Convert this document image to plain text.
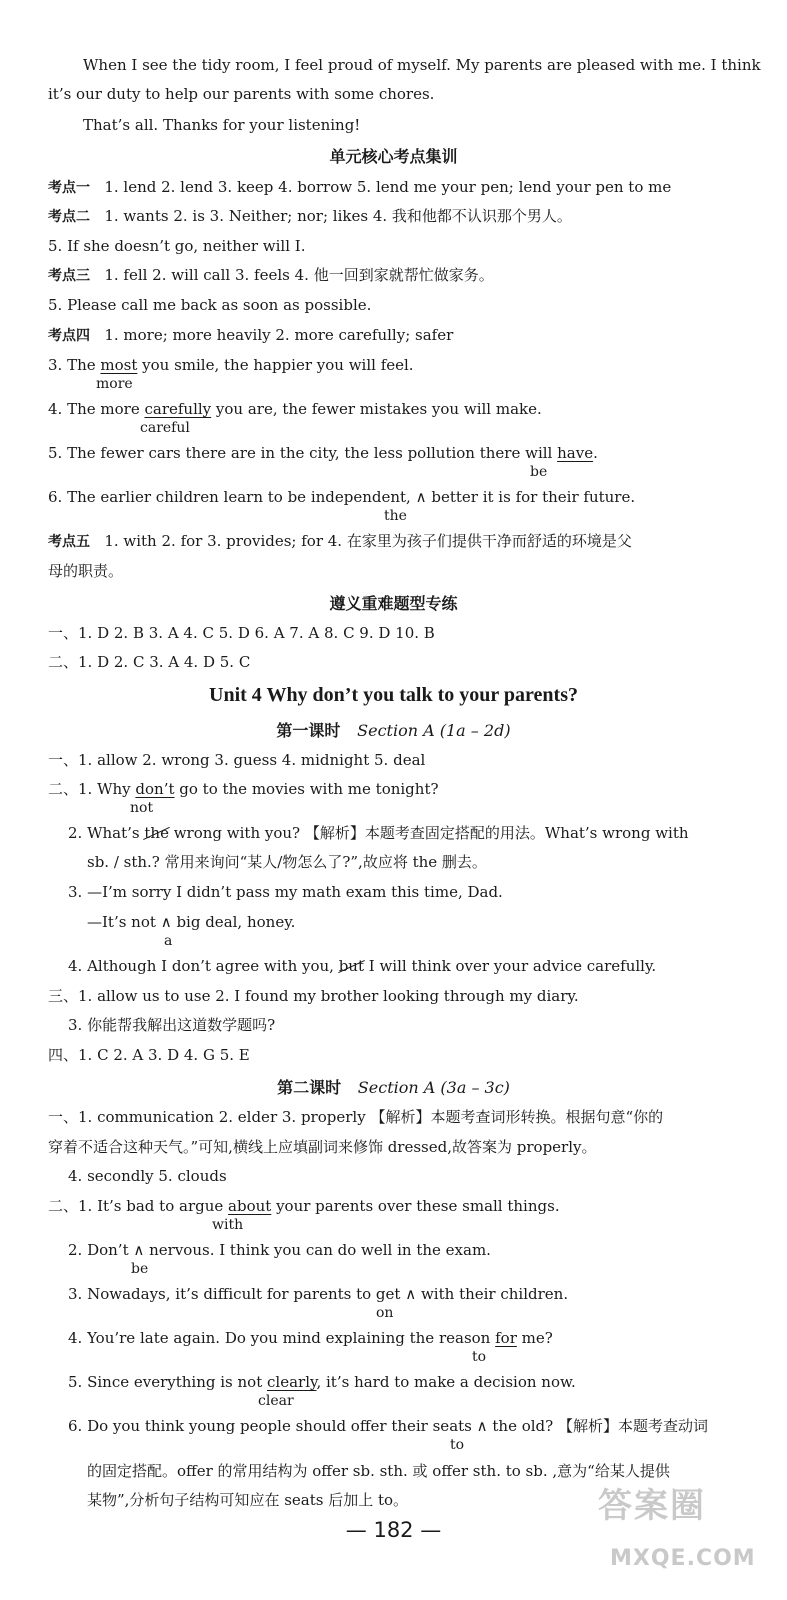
When I see the tidy room, I feel proud of myself. My parents are pleased with me. I think
it’s our duty to help our parents with some chores.
That’s all. Thanks for your listening!
单元核心考点集训
考点一 1. lend 2. lend 3. keep 4. borrow 5. lend me your pen; lend your pen to me
考点二 1. wants 2. is 3. Neither; nor; likes 4. 我和他都不认识那个男人。
5. If she doesn’t go, neither will I.
考点三 1. fell 2. will call 3. feels 4. 他一回到家就帮忙做家务。
5. Please call me back as soon as possible.
考点四 1. more; more heavily 2. more carefully; safer
3. The most you smile, the happier you will feel.
more
4. The more carefully you are, the fewer mistakes you will make.
careful
5. The fewer cars there are in the city, the less pollution there will have.
be
6. The earlier children learn to be independent, ∧ better it is for their future.
the
考点五 1. with 2. for 3. provides; for 4. 在家里为孩子们提供干净而舒适的环境是父
母的职责。
遵义重难题型专练
一、1. D 2. B 3. A 4. C 5. D 6. A 7. A 8. C 9. D 10. B
二、1. D 2. C 3. A 4. D 5. C
Unit 4 Why don’t you talk to your parents?
第一课时 Section A (1a – 2d)
一、1. allow 2. wrong 3. guess 4. midnight 5. deal
二、1. Why don’t go to the movies with me tonight?
not
2. What’s the wrong with you? 【解析】本题考查固定搭配的用法。What’s wrong with
sb. / sth.? 常用来询问“某人/物怎么了?”,故应将 the 删去。
3. —I’m sorry I didn’t pass my math exam this time, Dad.
—It’s not ∧ big deal, honey.
a
4. Although I don’t agree with you, but I will think over your advice carefully.
三、1. allow us to use 2. I found my brother looking through my diary.
3. 你能帮我解出这道数学题吗?
四、1. C 2. A 3. D 4. G 5. E
第二课时 Section A (3a – 3c)
一、1. communication 2. elder 3. properly 【解析】本题考查词形转换。根据句意“你的
穿着不适合这种天气。”可知,横线上应填副词来修饰 dressed,故答案为 properly。
4. secondly 5. clouds
二、1. It’s bad to argue about your parents over these small things.
with
2. Don’t ∧ nervous. I think you can do well in the exam.
be
3. Nowadays, it’s difficult for parents to get ∧ with their children.
on
4. You’re late again. Do you mind explaining the reason for me?
to
5. Since everything is not clearly, it’s hard to make a decision now.
clear
6. Do you think young people should offer their seats ∧ the old? 【解析】本题考查动词
to
的固定搭配。offer 的常用结构为 offer sb. sth. 或 offer sth. to sb. ,意为“给某人提供
某物”,分析句子结构可知应在 seats 后加上 to。
— 182 —
答案圈
MXQE.COM
